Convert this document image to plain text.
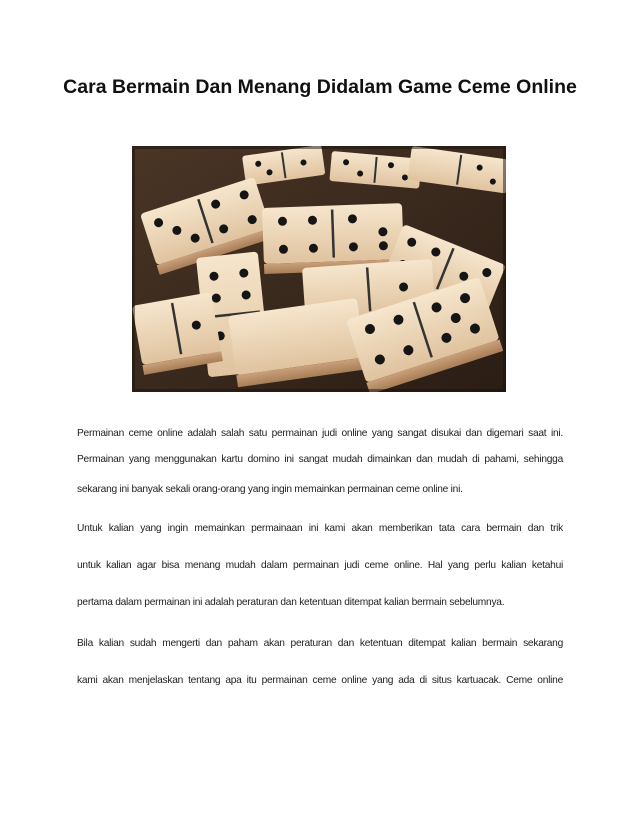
Cara Bermain Dan Menang Didalam Game Ceme Online
Permainan ceme online adalah salah satu permainan judi online yang sangat disukai dan digemari saat ini.
Permainan yang menggunakan kartu domino ini sangat mudah dimainkan dan mudah di pahami, sehingga
sekarang ini banyak sekali orang-orang yang ingin memainkan permainan ceme online ini.
Untuk kalian yang ingin memainkan permainaan ini kami akan memberikan tata cara bermain dan trik
untuk kalian agar bisa menang mudah dalam permainan judi ceme online. Hal yang perlu kalian ketahui
pertama dalam permainan ini adalah peraturan dan ketentuan ditempat kalian bermain sebelumnya.
Bila kalian sudah mengerti dan paham akan peraturan dan ketentuan ditempat kalian bermain sekarang
kami akan menjelaskan tentang apa itu permainan ceme online yang ada di situs kartuacak. Ceme online
